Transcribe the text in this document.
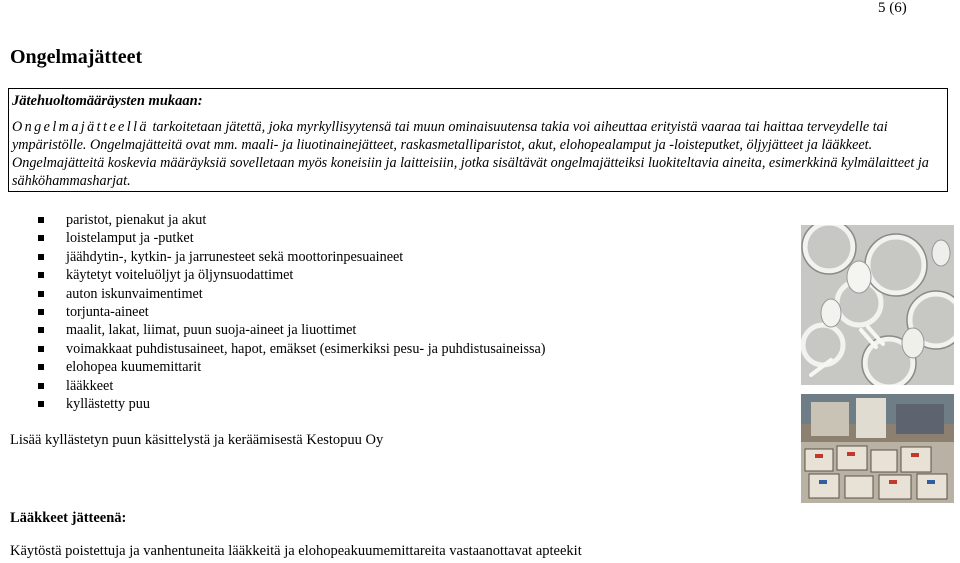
5 (6)
Ongelmajätteet

Jätehuoltomääräysten mukaan:

Ongelmajätteellä tarkoitetaan jätettä, joka myrkyllisyytensä tai muun ominaisuutensa takia voi aiheuttaa erityistä vaaraa tai haittaa terveydelle tai ympäristölle. Ongelmajätteitä ovat mm. maali- ja liuotinainejätteet, raskasmetalliparistot, akut, elohopealamput ja -loisteputket, öljyjätteet ja lääkkeet. Ongelmajätteitä koskevia määräyksiä sovelletaan myös koneisiin ja laitteisiin, jotka sisältävät ongelmajätteiksi luokiteltavia aineita, esimerkkinä kylmälaitteet ja sähköhammasharjat.

paristot, pienakut ja akut
loistelamput ja -putket
jäähdytin-, kytkin- ja jarrunesteet sekä moottorinpesuaineet
käytetyt voiteluöljyt ja öljynsuodattimet
auton iskunvaimentimet
torjunta-aineet
maalit, lakat, liimat, puun suoja-aineet ja liuottimet
voimakkaat puhdistusaineet, hapot, emäkset (esimerkiksi pesu- ja puhdistusaineissa)
elohopea kuumemittarit
lääkkeet
kyllästetty puu

Lisää kyllästetyn puun käsittelystä ja keräämisestä Kestopuu Oy

Lääkkeet jätteenä:

Käytöstä poistettuja ja vanhentuneita lääkkeitä ja elohopeakuumemittareita vastaanottavat apteekit
